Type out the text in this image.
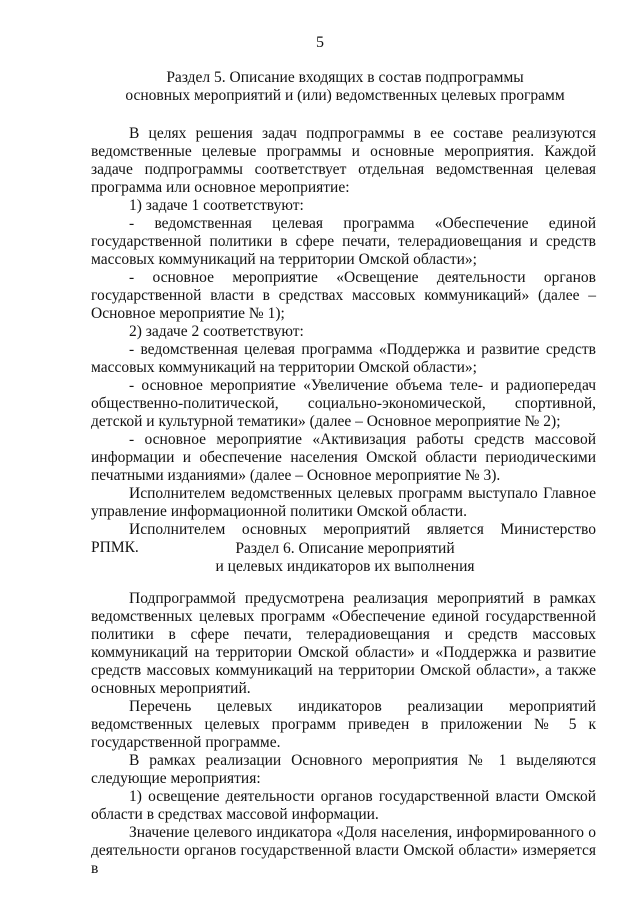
5
Раздел 5. Описание входящих в состав подпрограммы
основных мероприятий и (или) ведомственных целевых программ

В целях решения задач подпрограммы в ее составе реализуются ведомственные целевые программы и основные мероприятия. Каждой задаче подпрограммы соответствует отдельная ведомственная целевая программа или основное мероприятие:

1) задаче 1 соответствуют:

- ведомственная целевая программа «Обеспечение единой государственной политики в сфере печати, телерадиовещания и средств массовых коммуникаций на территории Омской области»;

- основное мероприятие «Освещение деятельности органов государственной власти в средствах массовых коммуникаций» (далее – Основное мероприятие № 1);

2) задаче 2 соответствуют:

- ведомственная целевая программа «Поддержка и развитие средств массовых коммуникаций на территории Омской области»;

- основное мероприятие «Увеличение объема теле- и радиопередач общественно-политической, социально-экономической, спортивной, детской и культурной тематики» (далее – Основное мероприятие № 2);

- основное мероприятие «Активизация работы средств массовой информации и обеспечение населения Омской области периодическими печатными изданиями» (далее – Основное мероприятие № 3).

Исполнителем ведомственных целевых программ выступало Главное управление информационной политики Омской области.

Исполнителем основных мероприятий является Министерство РПМК.	Раздел 6. Описание мероприятий
и целевых индикаторов их выполнения

Подпрограммой предусмотрена реализация мероприятий в рамках ведомственных целевых программ «Обеспечение единой государственной политики в сфере печати, телерадиовещания и средств массовых коммуникаций на территории Омской области» и «Поддержка и развитие средств массовых коммуникаций на территории Омской области», а также основных мероприятий.

Перечень целевых индикаторов реализации мероприятий ведомственных целевых программ приведен в приложении № 5 к государственной программе.

В рамках реализации Основного мероприятия № 1 выделяются следующие мероприятия:

1) освещение деятельности органов государственной власти Омской области в средствах массовой информации.

Значение целевого индикатора «Доля населения, информированного о деятельности органов государственной власти Омской области» измеряется в
